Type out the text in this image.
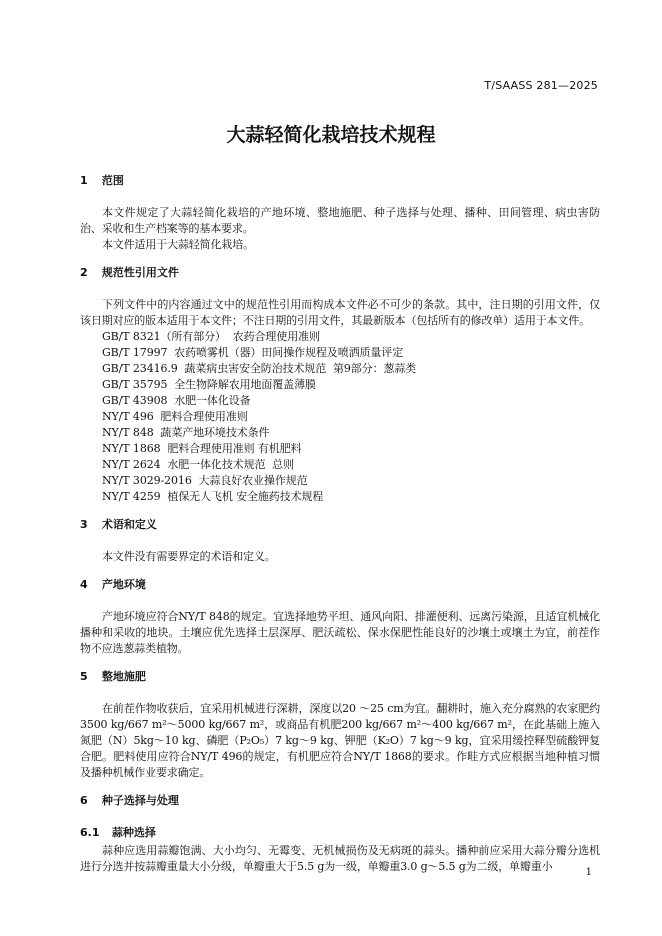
T/SAASS 281—2025
大蒜轻简化栽培技术规程
1 范围

本文件规定了大蒜轻简化栽培的产地环境、整地施肥、种子选择与处理、播种、田间管理、病虫害防治、采收和生产档案等的基本要求。

本文件适用于大蒜轻简化栽培。

2 规范性引用文件

下列文件中的内容通过文中的规范性引用而构成本文件必不可少的条款。其中，注日期的引用文件，仅该日期对应的版本适用于本文件；不注日期的引用文件，其最新版本（包括所有的修改单）适用于本文件。

GB/T 8321（所有部分）  农药合理使用准则
GB/T 17997  农药喷雾机（器）田间操作规程及喷洒质量评定
GB/T 23416.9  蔬菜病虫害安全防治技术规范  第9部分：葱蒜类
GB/T 35795  全生物降解农用地面覆盖薄膜
GB/T 43908  水肥一体化设备
NY/T 496  肥料合理使用准则
NY/T 848  蔬菜产地环境技术条件
NY/T 1868  肥料合理使用准则 有机肥料
NY/T 2624  水肥一体化技术规范  总则
NY/T 3029-2016  大蒜良好农业操作规范
NY/T 4259  植保无人飞机 安全施药技术规程
3 术语和定义

本文件没有需要界定的术语和定义。

4 产地环境

产地环境应符合NY/T 848的规定。宜选择地势平坦、通风向阳、排灌便利、远离污染源，且适宜机械化播种和采收的地块。土壤应优先选择土层深厚、肥沃疏松、保水保肥性能良好的沙壤土或壤土为宜，前茬作物不应选葱蒜类植物。

5 整地施肥

在前茬作物收获后，宜采用机械进行深耕，深度以20 ～25 cm为宜。翻耕时，施入充分腐熟的农家肥约3500 kg/667 m²～5000 kg/667 m²，或商品有机肥200 kg/667 m²～400 kg/667 m²，在此基础上施入氮肥（N）5kg～10 kg、磷肥（P₂O₅）7 kg～9 kg、钾肥（K₂O）7 kg～9 kg，宜采用缓控释型硫酸钾复合肥。肥料使用应符合NY/T 496的规定，有机肥应符合NY/T 1868的要求。作畦方式应根据当地种植习惯及播种机械作业要求确定。

6 种子选择与处理
6.1 蒜种选择

蒜种应选用蒜瓣饱满、大小均匀、无霉变、无机械损伤及无病斑的蒜头。播种前应采用大蒜分瓣分选机进行分选并按蒜瓣重量大小分级，单瓣重大于5.5 g为一级，单瓣重3.0 g～5.5 g为二级，单瓣重小	1
